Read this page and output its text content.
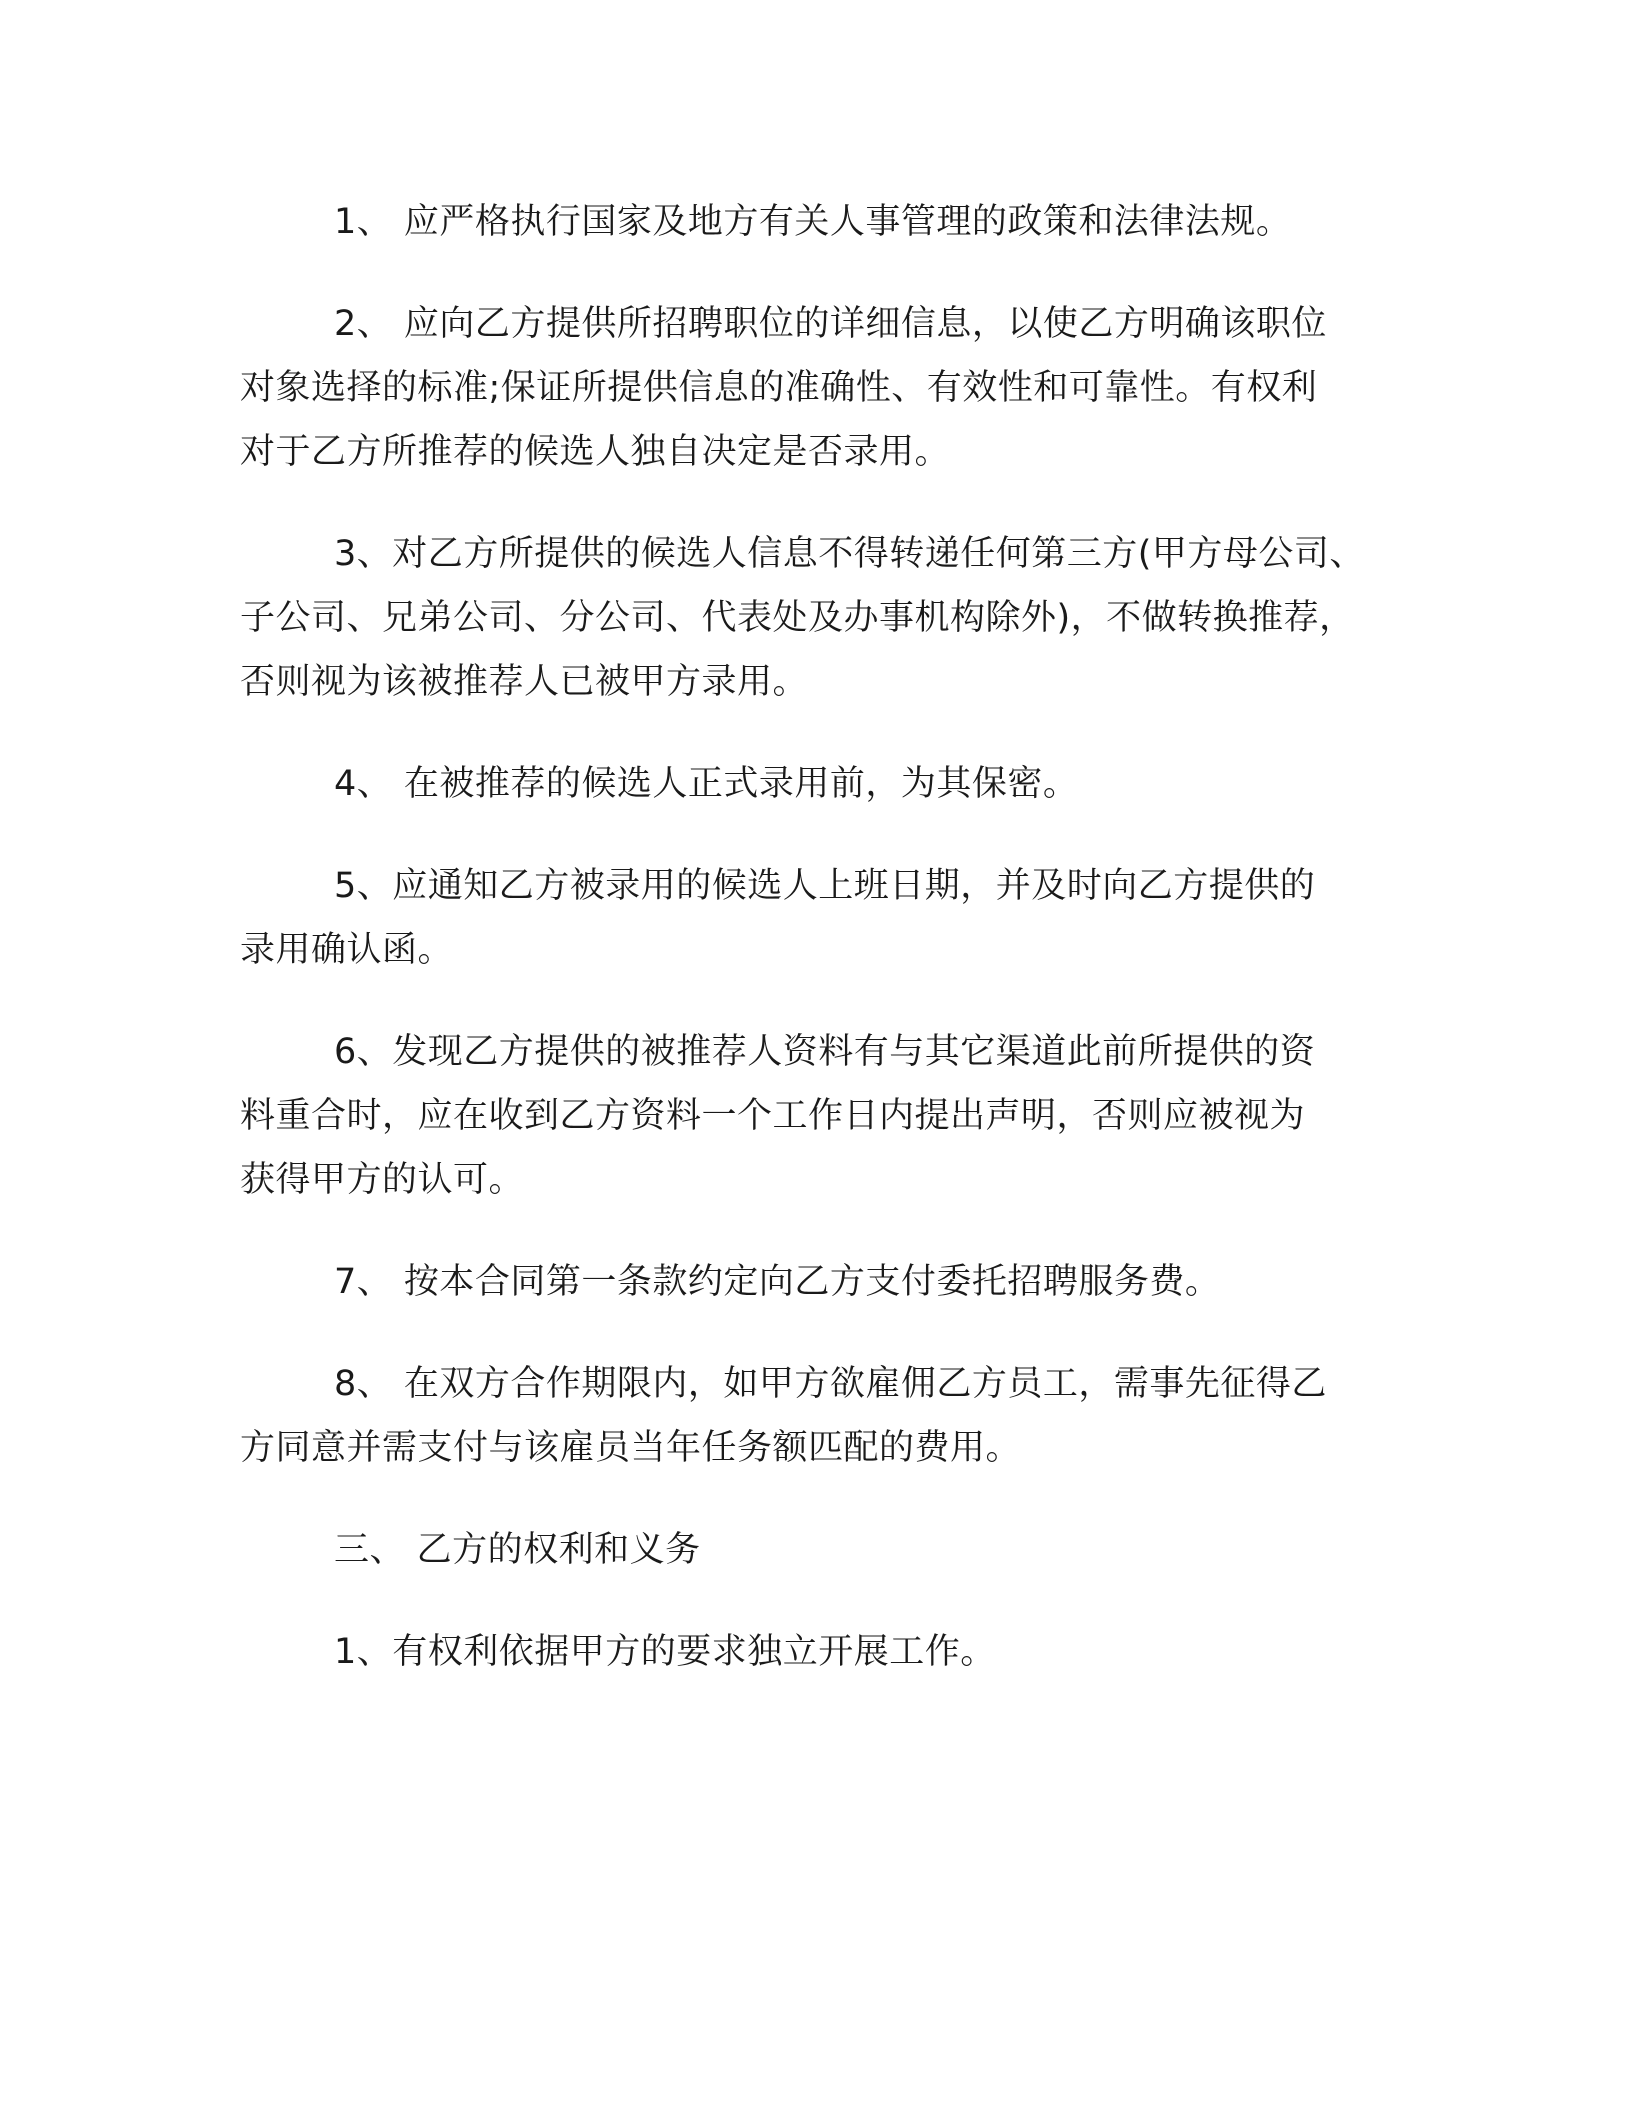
1、 应严格执行国家及地方有关人事管理的政策和法律法规。

2、 应向乙方提供所招聘职位的详细信息，以使乙方明确该职位
对象选择的标准;保证所提供信息的准确性、有效性和可靠性。有权利
对于乙方所推荐的候选人独自决定是否录用。

3、对乙方所提供的候选人信息不得转递任何第三方(甲方母公司、
子公司、兄弟公司、分公司、代表处及办事机构除外)，不做转换推荐，
否则视为该被推荐人已被甲方录用。

4、 在被推荐的候选人正式录用前，为其保密。

5、应通知乙方被录用的候选人上班日期，并及时向乙方提供的
录用确认函。

6、发现乙方提供的被推荐人资料有与其它渠道此前所提供的资
料重合时，应在收到乙方资料一个工作日内提出声明，否则应被视为
获得甲方的认可。

7、 按本合同第一条款约定向乙方支付委托招聘服务费。

8、 在双方合作期限内，如甲方欲雇佣乙方员工，需事先征得乙
方同意并需支付与该雇员当年任务额匹配的费用。

三、 乙方的权利和义务

1、有权利依据甲方的要求独立开展工作。
